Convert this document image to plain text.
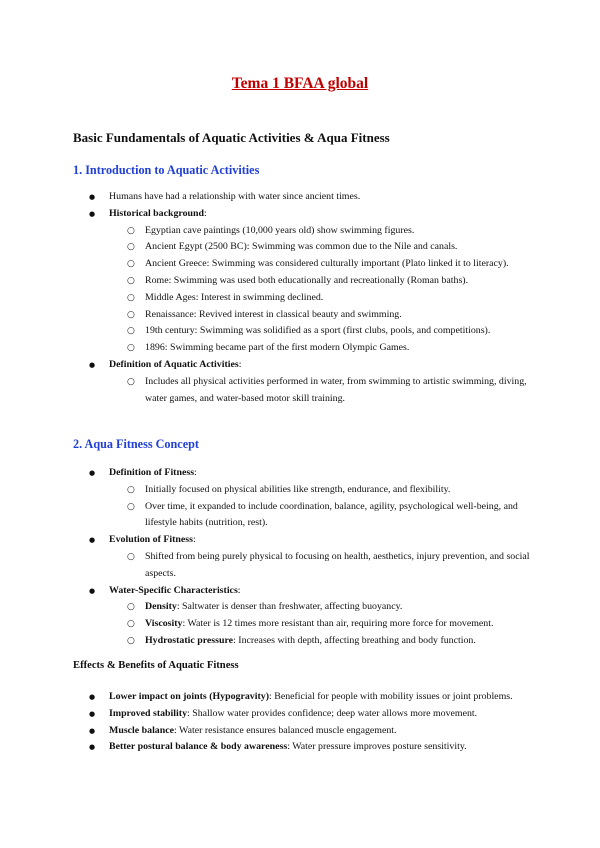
Tema 1 BFAA global
Basic Fundamentals of Aquatic Activities & Aqua Fitness
1. Introduction to Aquatic Activities
● Humans have had a relationship with water since ancient times.
● Historical background:
○ Egyptian cave paintings (10,000 years old) show swimming figures.
○ Ancient Egypt (2500 BC): Swimming was common due to the Nile and canals.
○ Ancient Greece: Swimming was considered culturally important (Plato linked it to literacy).
○ Rome: Swimming was used both educationally and recreationally (Roman baths).
○ Middle Ages: Interest in swimming declined.
○ Renaissance: Revived interest in classical beauty and swimming.
○ 19th century: Swimming was solidified as a sport (first clubs, pools, and competitions).
○ 1896: Swimming became part of the first modern Olympic Games.
● Definition of Aquatic Activities:
○ Includes all physical activities performed in water, from swimming to artistic swimming, diving, water games, and water-based motor skill training.
2. Aqua Fitness Concept
● Definition of Fitness:
○ Initially focused on physical abilities like strength, endurance, and flexibility.
○ Over time, it expanded to include coordination, balance, agility, psychological well-being, and lifestyle habits (nutrition, rest).
● Evolution of Fitness:
○ Shifted from being purely physical to focusing on health, aesthetics, injury prevention, and social aspects.
● Water-Specific Characteristics:
○ Density: Saltwater is denser than freshwater, affecting buoyancy.
○ Viscosity: Water is 12 times more resistant than air, requiring more force for movement.
○ Hydrostatic pressure: Increases with depth, affecting breathing and body function.
Effects & Benefits of Aquatic Fitness
● Lower impact on joints (Hypogravity): Beneficial for people with mobility issues or joint problems.
● Improved stability: Shallow water provides confidence; deep water allows more movement.
● Muscle balance: Water resistance ensures balanced muscle engagement.
● Better postural balance & body awareness: Water pressure improves posture sensitivity.
